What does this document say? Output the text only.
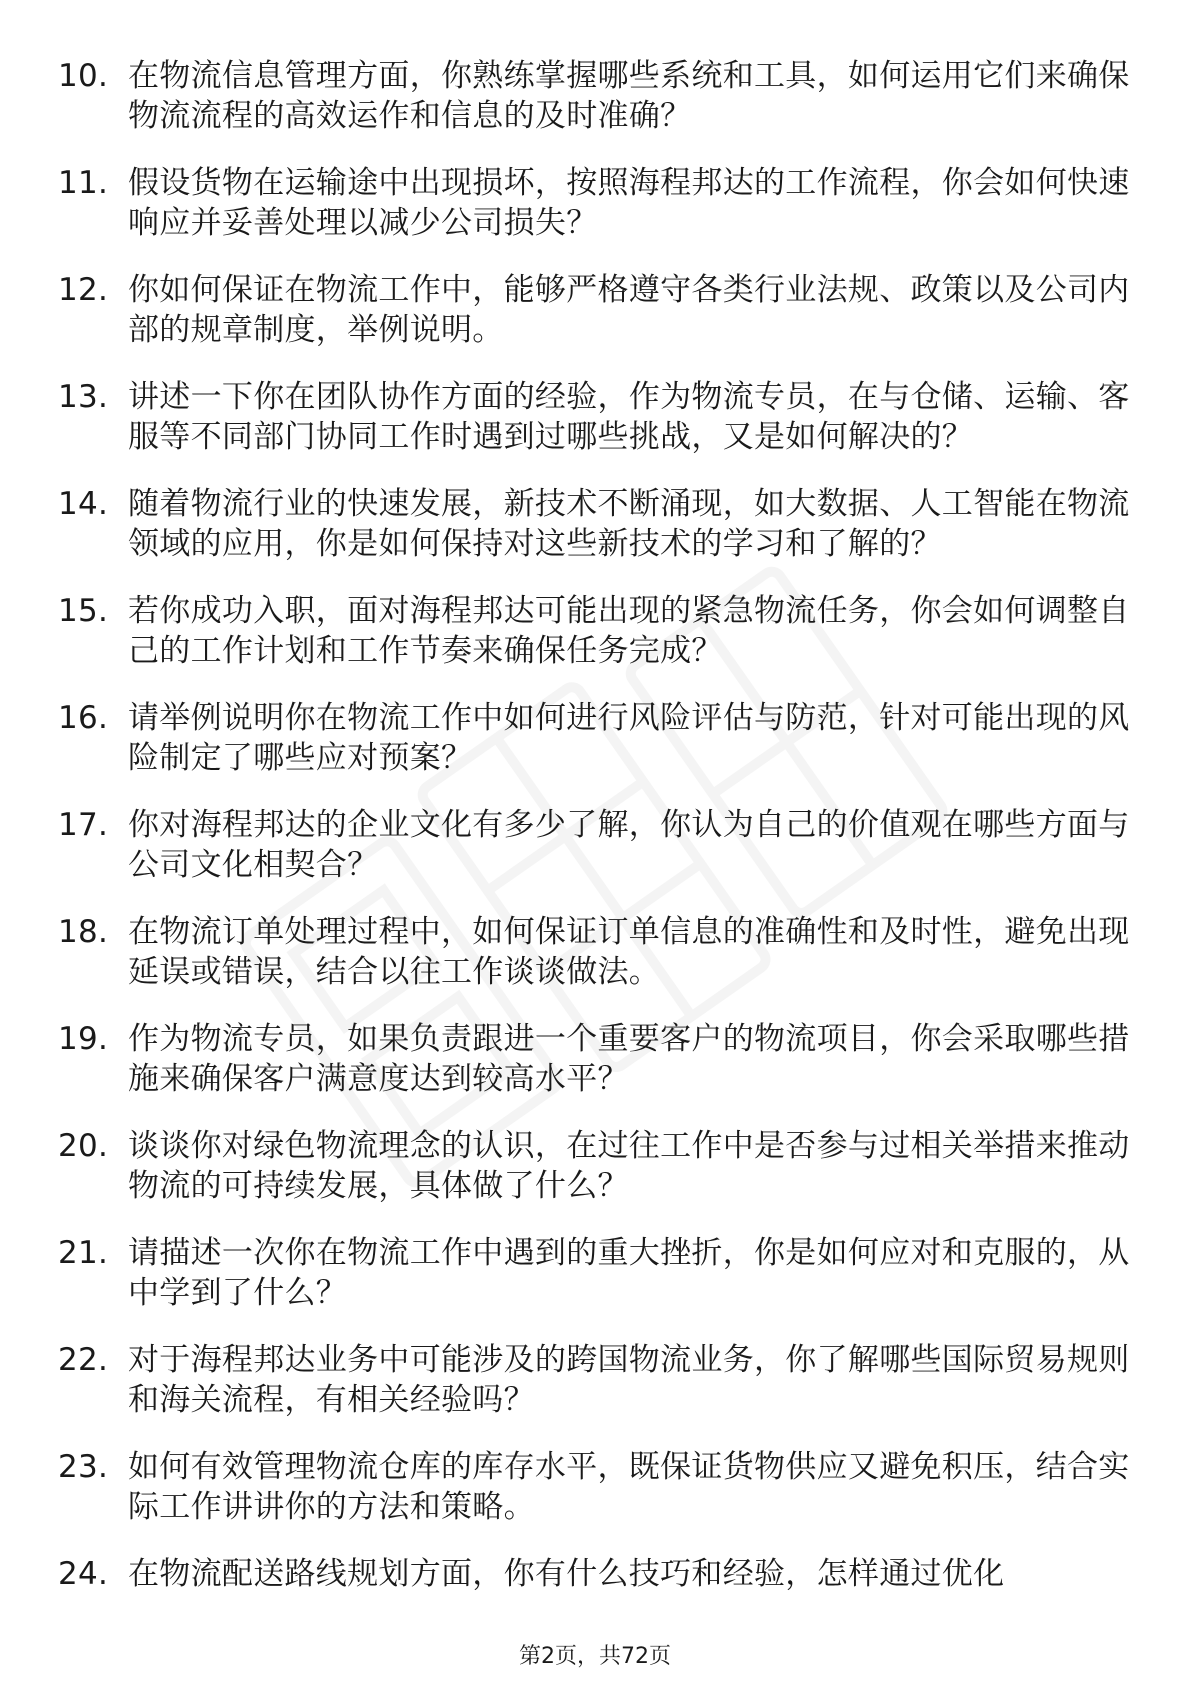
10. 在物流信息管理方面，你熟练掌握哪些系统和工具，如何运用它们来确保物流流程的高效运作和信息的及时准确？
11. 假设货物在运输途中出现损坏，按照海程邦达的工作流程，你会如何快速响应并妥善处理以减少公司损失？
12. 你如何保证在物流工作中，能够严格遵守各类行业法规、政策以及公司内部的规章制度，举例说明。
13. 讲述一下你在团队协作方面的经验，作为物流专员，在与仓储、运输、客服等不同部门协同工作时遇到过哪些挑战，又是如何解决的？
14. 随着物流行业的快速发展，新技术不断涌现，如大数据、人工智能在物流领域的应用，你是如何保持对这些新技术的学习和了解的？
15. 若你成功入职，面对海程邦达可能出现的紧急物流任务，你会如何调整自己的工作计划和工作节奏来确保任务完成？
16. 请举例说明你在物流工作中如何进行风险评估与防范，针对可能出现的风险制定了哪些应对预案？
17. 你对海程邦达的企业文化有多少了解，你认为自己的价值观在哪些方面与公司文化相契合？
18. 在物流订单处理过程中，如何保证订单信息的准确性和及时性，避免出现延误或错误，结合以往工作谈谈做法。
19. 作为物流专员，如果负责跟进一个重要客户的物流项目，你会采取哪些措施来确保客户满意度达到较高水平？
20. 谈谈你对绿色物流理念的认识，在过往工作中是否参与过相关举措来推动物流的可持续发展，具体做了什么？
21. 请描述一次你在物流工作中遇到的重大挫折，你是如何应对和克服的，从中学到了什么？
22. 对于海程邦达业务中可能涉及的跨国物流业务，你了解哪些国际贸易规则和海关流程，有相关经验吗？
23. 如何有效管理物流仓库的库存水平，既保证货物供应又避免积压，结合实际工作讲讲你的方法和策略。
24. 在物流配送路线规划方面，你有什么技巧和经验，怎样通过优化
第2页，共72页
